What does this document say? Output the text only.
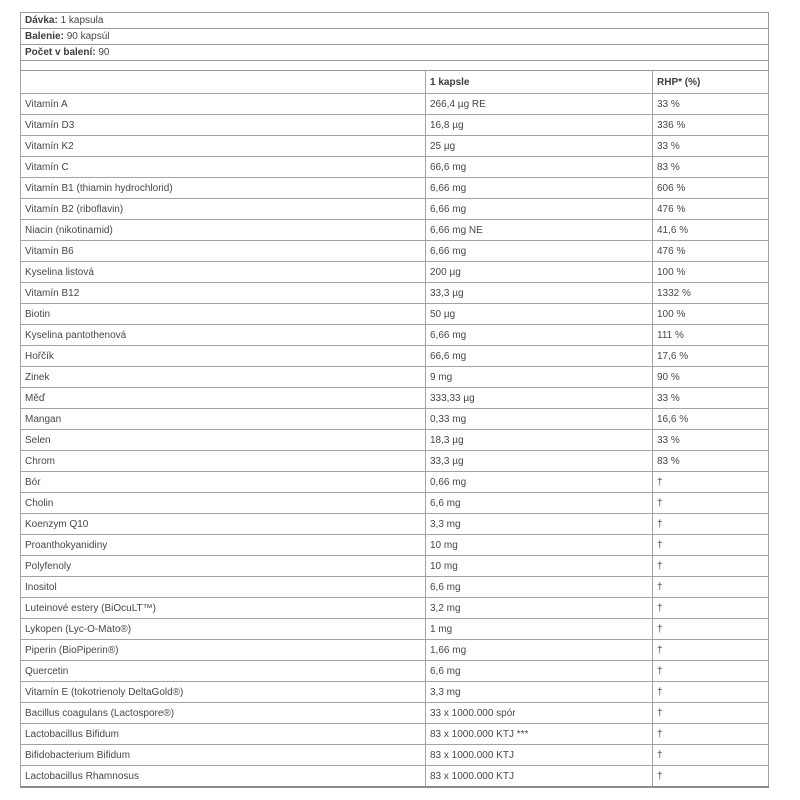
Dávka: 1 kapsula		
Balenie: 90 kapsúl		
Počet v balení: 90		

	1 kapsle	RHP* (%)
Vitamín A	266,4 µg RE	33 %
Vitamín D3	16,8 µg	336 %
Vitamín K2	25 µg	33 %
Vitamín C	66,6 mg	83 %
Vitamín B1 (thiamin hydrochlorid)	6,66 mg	606 %
Vitamín B2 (riboflavin)	6,66 mg	476 %
Niacin (nikotinamid)	6,66 mg NE	41,6 %
Vitamín B6	6,66 mg	476 %
Kyselina listová	200 µg	100 %
Vitamín B12	33,3 µg	1332 %
Biotin	50 µg	100 %
Kyselina pantothenová	6,66 mg	111 %
Hořčík	66,6 mg	17,6 %
Zinek	9 mg	90 %
Měď	333,33 µg	33 %
Mangan	0,33 mg	16,6 %
Selen	18,3 µg	33 %
Chrom	33,3 µg	83 %
Bór	0,66 mg	†
Cholin	6,6 mg	†
Koenzym Q10	3,3 mg	†
Proanthokyanidiny	10 mg	†
Polyfenoly	10 mg	†
Inositol	6,6 mg	†
Luteinové estery (BiOcuLT™)	3,2 mg	†
Lykopen (Lyc-O-Mato®)	1 mg	†
Piperin (BioPiperin®)	1,66 mg	†
Quercetin	6,6 mg	†
Vitamín E (tokotrienoly DeltaGold®)	3,3 mg	†
Bacillus coagulans (Lactospore®)	33 x 1000.000 spór	†
Lactobacillus Bifidum	83 x 1000.000 KTJ ***	†
Bifidobacterium Bifidum	83 x 1000.000 KTJ	†
Lactobacillus Rhamnosus	83 x 1000.000 KTJ	†
